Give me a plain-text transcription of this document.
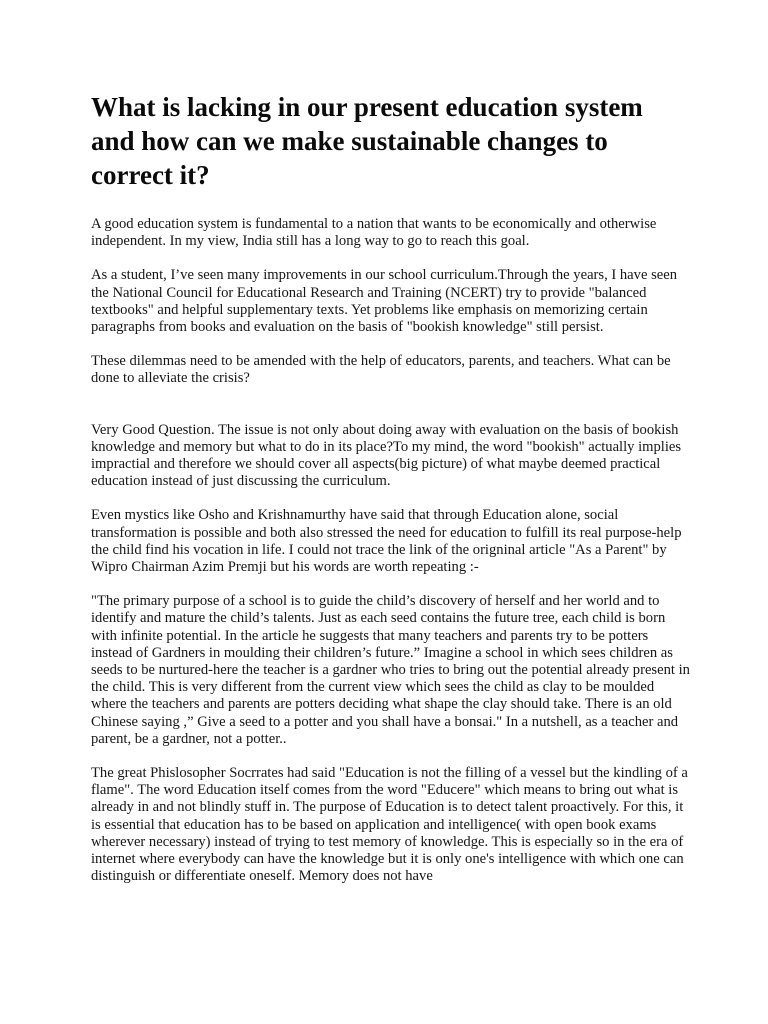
What is lacking in our present education system and how can we make sustainable changes to correct it?

A good education system is fundamental to a nation that wants to be economically and otherwise independent. In my view, India still has a long way to go to reach this goal.

As a student, I’ve seen many improvements in our school curriculum.Through the years, I have seen the National Council for Educational Research and Training (NCERT) try to provide "balanced textbooks" and helpful supplementary texts. Yet problems like emphasis on memorizing certain paragraphs from books and evaluation on the basis of "bookish knowledge" still persist.

These dilemmas need to be amended with the help of educators, parents, and teachers. What can be done to alleviate the crisis?

Very Good Question. The issue is not only about doing away with evaluation on the basis of bookish knowledge and memory but what to do in its place?To my mind, the word "bookish" actually implies impractial and therefore we should cover all aspects(big picture) of what maybe deemed practical education instead of just discussing the curriculum.

Even mystics like Osho and Krishnamurthy have said that through Education alone, social transformation is possible and both also stressed the need for education to fulfill its real purpose-help the child find his vocation in life. I could not trace the link of the origninal article "As a Parent" by Wipro Chairman Azim Premji but his words are worth repeating :-

"The primary purpose of a school is to guide the child’s discovery of herself and her world and to identify and mature the child’s talents. Just as each seed contains the future tree, each child is born with infinite potential. In the article he suggests that many teachers and parents try to be potters instead of Gardners in moulding their children’s future.” Imagine a school in which sees children as seeds to be nurtured-here the teacher is a gardner who tries to bring out the potential already present in the child. This is very different from the current view which sees the child as clay to be moulded where the teachers and parents are potters deciding what shape the clay should take. There is an old Chinese saying ,” Give a seed to a potter and you shall have a bonsai." In a nutshell, as a teacher and parent, be a gardner, not a potter..

The great Phislosopher Socrrates had said "Education is not the filling of a vessel but the kindling of a flame". The word Education itself comes from the word "Educere" which means to bring out what is already in and not blindly stuff in. The purpose of Education is to detect talent proactively. For this, it is essential that education has to be based on application and intelligence( with open book exams wherever necessary) instead of trying to test memory of knowledge. This is especially so in the era of internet where everybody can have the knowledge but it is only one's intelligence with which one can distinguish or differentiate oneself. Memory does not have
